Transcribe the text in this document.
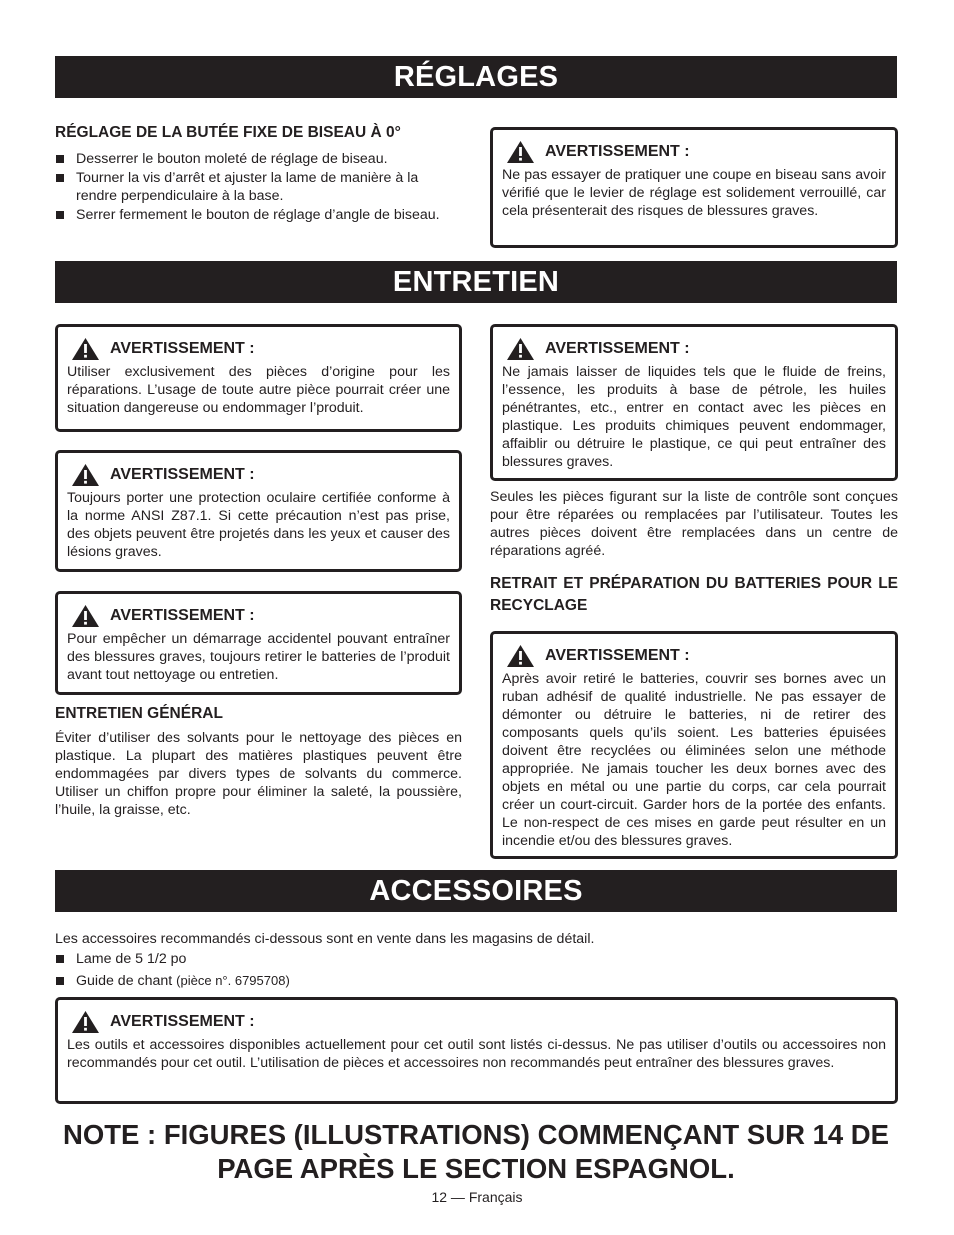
RÉGLAGES
RÉGLAGE DE LA BUTÉE FIXE DE BISEAU À 0°
Desserrer le bouton moleté de réglage de biseau.
Tourner la vis d’arrêt et ajuster la lame de manière à la rendre perpendiculaire à la base.
Serrer fermement le bouton de réglage d’angle de biseau.
AVERTISSEMENT :
Ne pas essayer de pratiquer une coupe en biseau sans avoir vérifié que le levier de réglage est solidement verrouillé, car cela présenterait des risques de blessures graves.
ENTRETIEN
AVERTISSEMENT :
Utiliser exclusivement des pièces d’origine pour les réparations. L’usage de toute autre pièce pourrait créer une situation dangereuse ou endommager l’produit.
AVERTISSEMENT :
Toujours porter une protection oculaire certifiée conforme à la norme ANSI Z87.1. Si cette précaution n’est pas prise, des objets peuvent être projetés dans les yeux et causer des lésions graves.
AVERTISSEMENT :
Pour empêcher un démarrage accidentel pouvant entraîner des blessures graves, toujours retirer le batteries de l’produit avant tout nettoyage ou entretien.
ENTRETIEN GÉNÉRAL
Éviter d’utiliser des solvants pour le nettoyage des pièces en plastique. La plupart des matières plastiques peuvent être endommagées par divers types de solvants du commerce. Utiliser un chiffon propre pour éliminer la saleté, la poussière, l’huile, la graisse, etc.
AVERTISSEMENT :
Ne jamais laisser de liquides tels que le fluide de freins, l’essence, les produits à base de pétrole, les huiles pénétrantes, etc., entrer en contact avec les pièces en plastique. Les produits chimiques peuvent endommager, affaiblir ou détruire le plastique, ce qui peut entraîner des blessures graves.
Seules les pièces figurant sur la liste de contrôle sont conçues pour être réparées ou remplacées par l’utilisateur. Toutes les autres pièces doivent être remplacées dans un centre de réparations agréé.
RETRAIT ET PRÉPARATION DU BATTERIES POUR LE RECYCLAGE
AVERTISSEMENT :
Après avoir retiré le batteries, couvrir ses bornes avec un ruban adhésif de qualité industrielle. Ne pas essayer de démonter ou détruire le batteries, ni de retirer des composants quels qu’ils soient. Les batteries épuisées doivent être recyclées ou éliminées selon une méthode appropriée. Ne jamais toucher les deux bornes avec des objets en métal ou une partie du corps, car cela pourrait créer un court-circuit. Garder hors de la portée des enfants. Le non-respect de ces mises en garde peut résulter en un incendie et/ou des blessures graves.
ACCESSOIRES
Les accessoires recommandés ci-dessous sont en vente dans les magasins de détail.
Lame de 5 1/2 po
Guide de chant (pièce n°. 6795708)
AVERTISSEMENT :
Les outils et accessoires disponibles actuellement pour cet outil sont listés ci-dessus. Ne pas utiliser d’outils ou accessoires non recommandés pour cet outil. L’utilisation de pièces et accessoires non recommandés peut entraîner des blessures graves.
NOTE : FIGURES (ILLUSTRATIONS) COMMENÇANT SUR 14 DE
PAGE APRÈS LE SECTION ESPAGNOL.
12 — Français
